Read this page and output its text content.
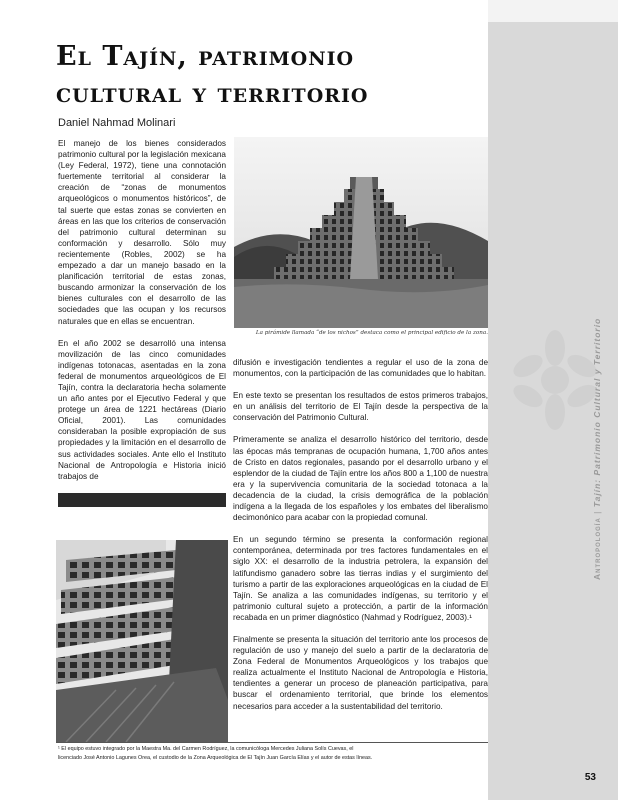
El Tajín, patrimonio
cultural y territorio

Daniel Nahmad Molinari

El manejo de los bienes considerados patrimonio cultural por la legislación mexicana (Ley Federal, 1972), tiene una connotación fuertemente territorial al considerar la creación de “zonas de monumentos arqueológicos o monumentos históricos”, de tal suerte que estas zonas se convierten en áreas en las que los criterios de conservación del patrimonio cultural determinan su conformación y desarrollo. Sólo muy recientemente (Robles, 2002) se ha empezado a dar un manejo basado en la planificación territorial de estas zonas, buscando armonizar la conservación de los bienes culturales con el desarrollo de las sociedades que las ocupan y los recursos naturales que en ellas se encuentran.

En el año 2002 se desarrolló una intensa movilización de las cinco comunidades indígenas totonacas, asentadas en la zona federal de monumentos arqueológicos de El Tajín, contra la declaratoria hecha solamente un año antes por el Ejecutivo Federal y que protege un área de 1221 hectáreas (Diario Oficial, 2001). Las comunidades consideraban la posible expropiación de sus propiedades y la limitación en el desarrollo de sus actividades sociales. Ante ello el Instituto Nacional de Antropología e Historia inició trabajos de

La pirámide llamada “de los nichos” destaca como el principal edificio de la zona.

difusión e investigación tendientes a regular el uso de la zona de monumentos, con la participación de las comunidades que lo habitan.

En este texto se presentan los resultados de estos primeros trabajos, en un análisis del territorio de El Tajín desde la perspectiva de la conservación del Patrimonio Cultural.

Primeramente se analiza el desarrollo histórico del territorio, desde las épocas más tempranas de ocupación humana, 1,700 años antes de Cristo en datos regionales, pasando por el desarrollo urbano y el esplendor de la ciudad de Tajín entre los años 800 a 1,100 de nuestra era y la supervivencia comunitaria de la sociedad totonaca a la decadencia de la ciudad, la crisis demográfica de la población indígena a la llegada de los españoles y los embates del liberalismo decimonónico para acabar con la propiedad comunal.

En un segundo término se presenta la conformación regional contemporánea, determinada por tres factores fundamentales en el siglo XX: el desarrollo de la industria petrolera, la expansión del latifundismo ganadero sobre las tierras indias y el surgimiento del turismo a partir de las exploraciones arqueológicas en la ciudad de El Tajín. Se analiza a las comunidades indígenas, su territorio y el patrimonio cultural sujeto a protección, a partir de la información recabada en un primer diagnóstico (Nahmad y Rodríguez, 2003).¹

Finalmente se presenta la situación del territorio ante los procesos de regulación de uso y manejo del suelo a partir de la declaratoria de Zona Federal de Monumentos Arqueológicos y los trabajos que realiza actualmente el Instituto Nacional de Antropología e Historia, tendientes a generar un proceso de planeación participativa, para buscar el ordenamiento territorial, que brinde los elementos necesarios para acceder a la sustentabilidad del territorio.

¹ El equipo estuvo integrado por la Maestra Ma. del Carmen Rodríguez, la comunicóloga Mercedes Juliana Solís Cuevas, el licenciado José Antonio Lagunes Orea, el custodio de la Zona Arqueológica de El Tajín Juan García Elías y el autor de estas líneas.

Antropología | Tajín: Patrimonio Cultural y Territorio
53
